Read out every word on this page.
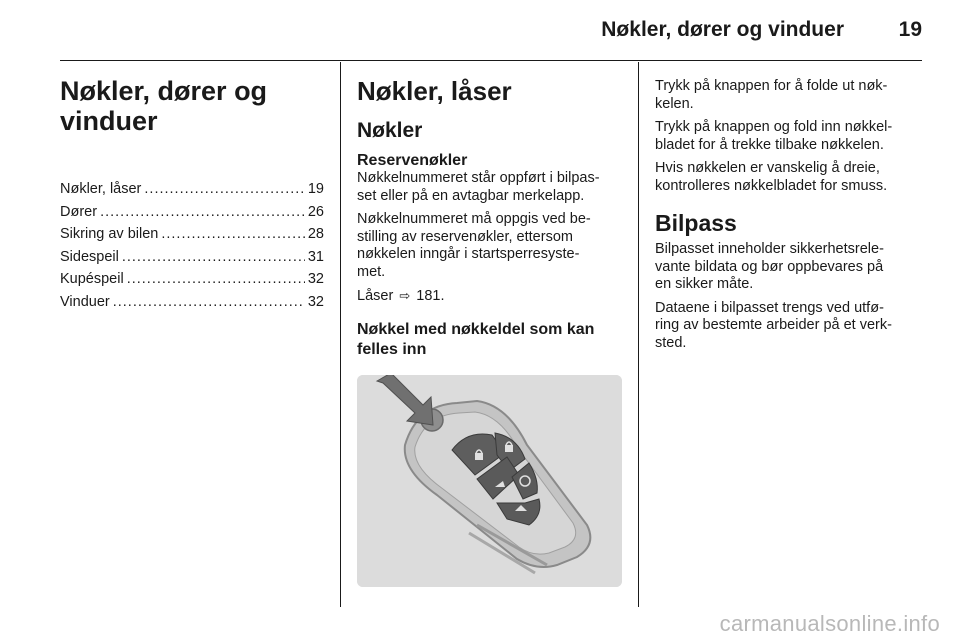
Nøkler, dører og vinduer	19
Nøkler, dører og
vinduer
Nøkler, låser .....	19
Dører .....	26
Sikring av bilen .....	28
Sidespeil .....	31
Kupéspeil .....	32
Vinduer .....	32
Nøkler, låser
Nøkler
Reservenøkler

Nøkkelnummeret står oppført i bilpas-
set eller på en avtagbar merkelapp.

Nøkkelnummeret må oppgis ved be-
stilling av reservenøkler, ettersom
nøkkelen inngår i startsperresyste-
met.

Låser ⇨ 181.

Nøkkel med nøkkeldel som kan
felles inn

Trykk på knappen for å folde ut nøk-
kelen.

Trykk på knappen og fold inn nøkkel-
bladet for å trekke tilbake nøkkelen.

Hvis nøkkelen er vanskelig å dreie,
kontrolleres nøkkelbladet for smuss.

Bilpass

Bilpasset inneholder sikkerhetsrele-
vante bildata og bør oppbevares på
en sikker måte.

Dataene i bilpasset trengs ved utfø-
ring av bestemte arbeider på et verk-
sted.

carmanualsonline.info
